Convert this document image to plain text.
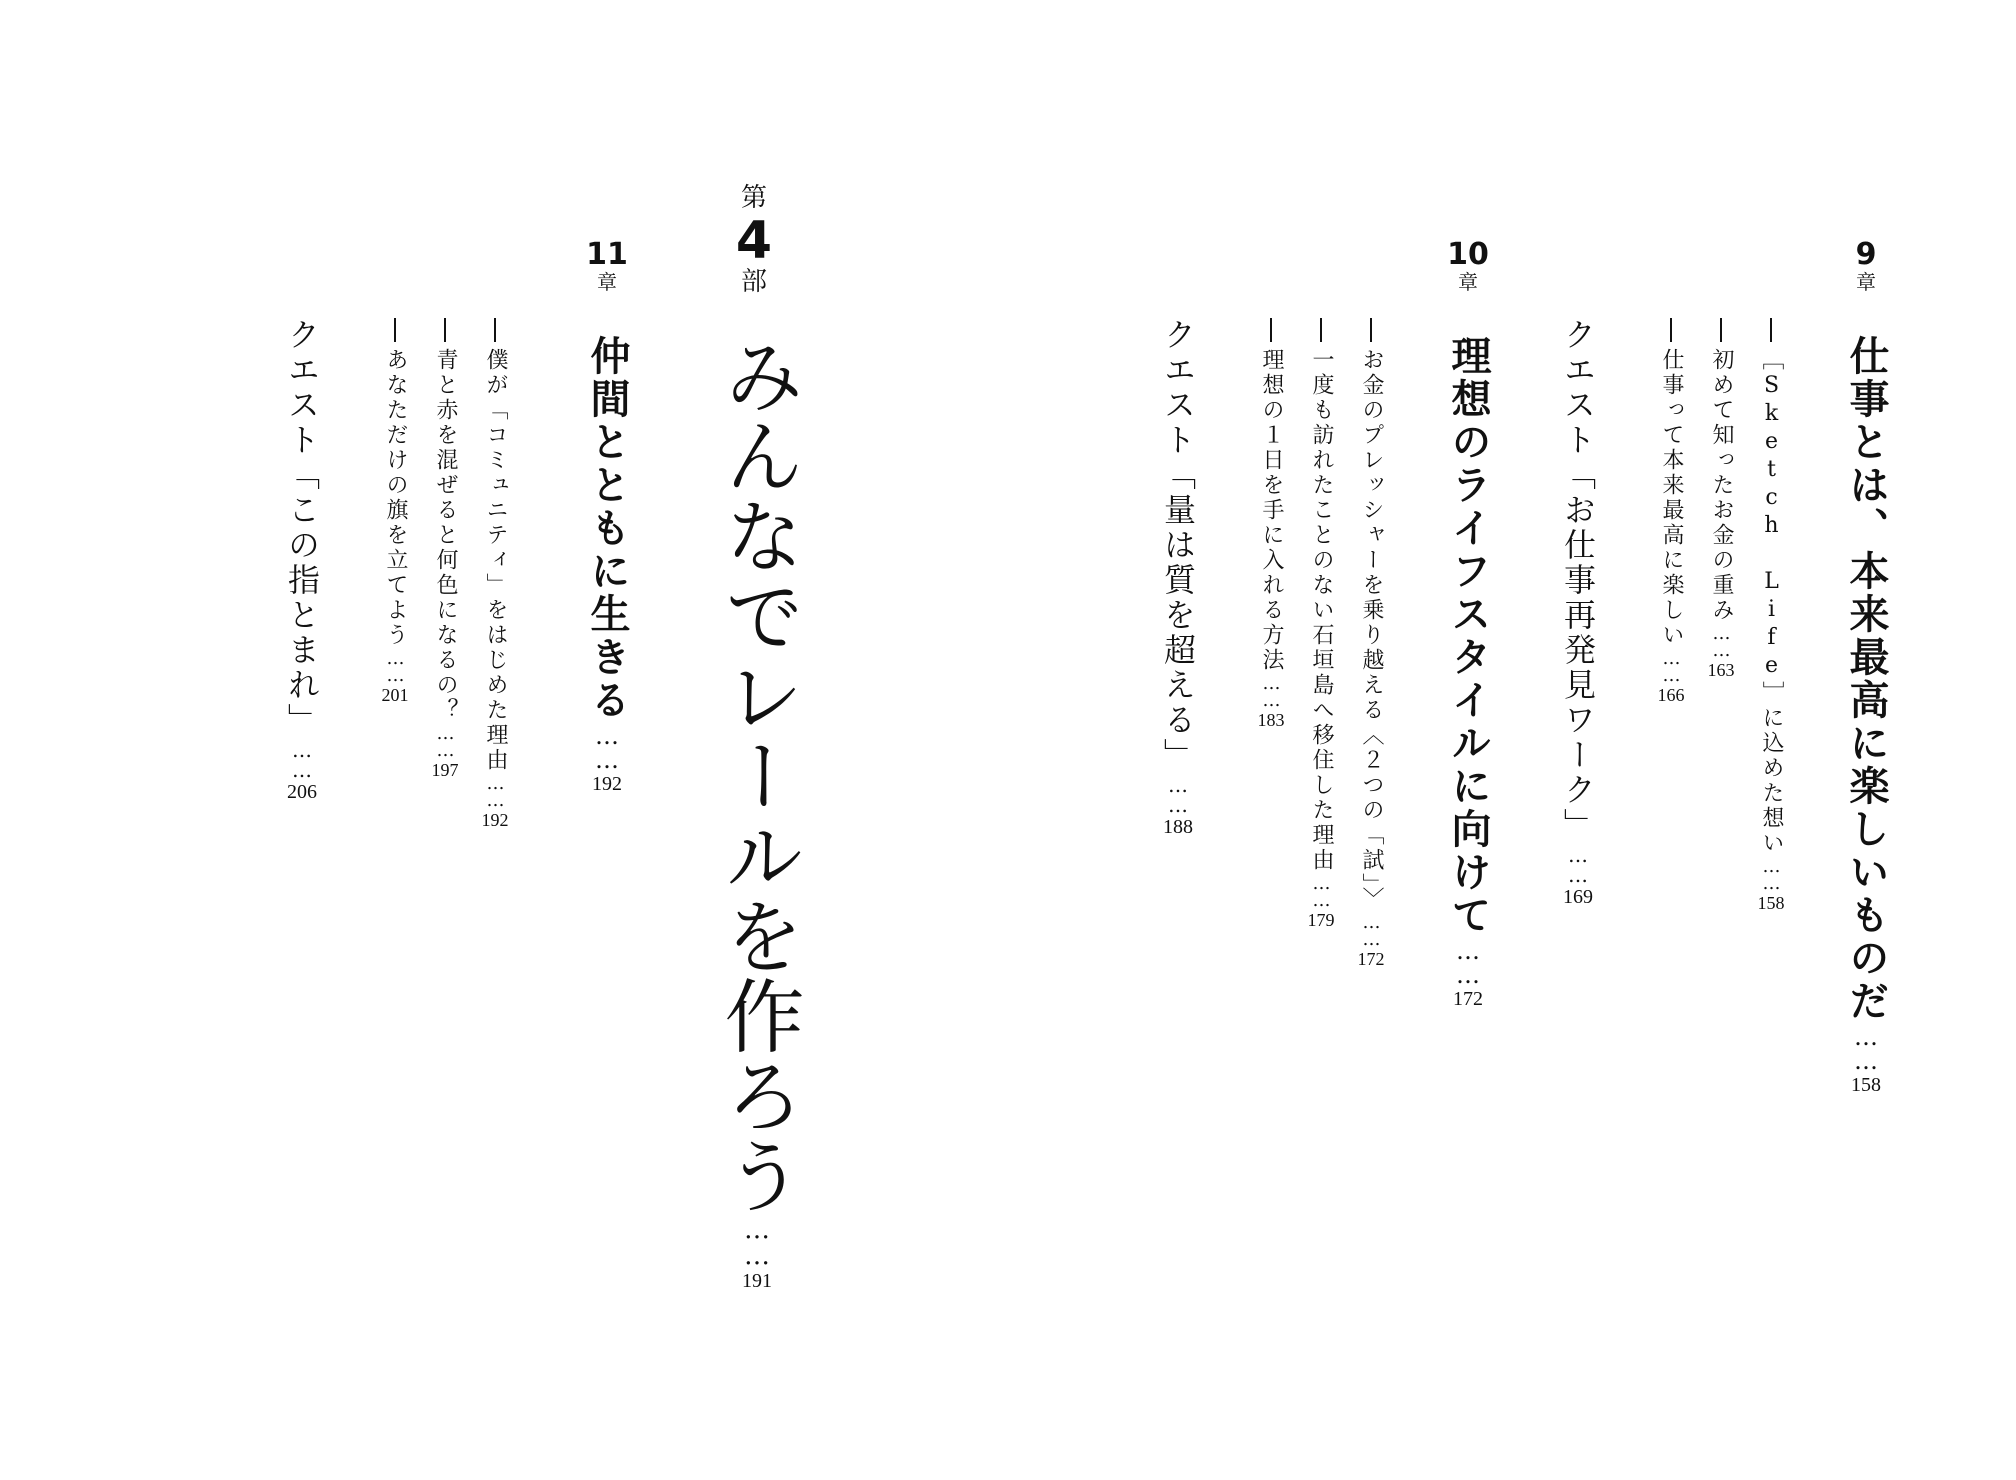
9
章
仕事とは、本来最高に楽しいものだ
……
158
［Sketch Life］に込めた想い
……
158
初めて知ったお金の重み
……
163
仕事って本来最高に楽しい
……
166
クエスト「お仕事再発見ワーク」
……
169
10
章
理想のライフスタイルに向けて
……
172
お金のプレッシャーを乗り越える〈２つの「試」〉
……
172
一度も訪れたことのない石垣島へ移住した理由
……
179
理想の１日を手に入れる方法
……
183
クエスト「量は質を超える」
……
188
第
4
部
みんなでレールを作ろう
……
191
11
章
仲間とともに生きる
……
192
僕が「コミュニティ」をはじめた理由
……
192
青と赤を混ぜると何色になるの？
……
197
あなただけの旗を立てよう
……
201
クエスト「この指とまれ」
……
206
